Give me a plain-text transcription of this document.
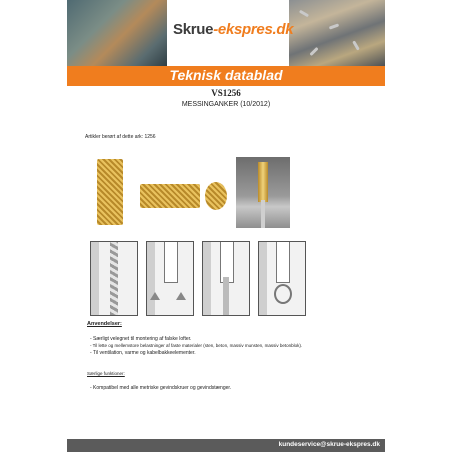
Skrue-ekspres.dk
Teknisk datablad
VS1256
MESSINGANKER (10/2012)
Artikler berørt af dette ark: 1256
Anvendelser:
- Særligt velegnet til montering af falske lofter.
- Til lette og mellemstore belastninger af faste materialer (sten, beton, massiv munsten, massiv betonblok).
- Til ventilation, varme og kabelbakkeelementer.
Særlige funktioner:
- Kompatibel med alle metriske gevindskruer og gevindstænger.
kundeservice@skrue-ekspres.dk
